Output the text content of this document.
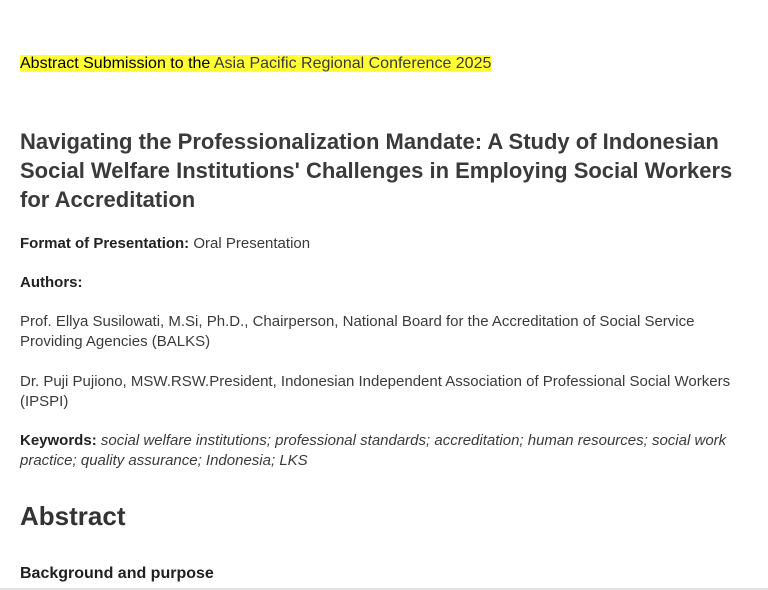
Abstract Submission to the Asia Pacific Regional Conference 2025
Navigating the Professionalization Mandate: A Study of Indonesian Social Welfare Institutions' Challenges in Employing Social Workers for Accreditation

Format of Presentation: Oral Presentation

Authors:

Prof. Ellya Susilowati, M.Si, Ph.D., Chairperson, National Board for the Accreditation of Social Service Providing Agencies (BALKS)

Dr. Puji Pujiono, MSW.RSW.President, Indonesian Independent Association of Professional Social Workers (IPSPI)

Keywords: social welfare institutions; professional standards; accreditation; human resources; social work practice; quality assurance; Indonesia; LKS

Abstract
Background and purpose
